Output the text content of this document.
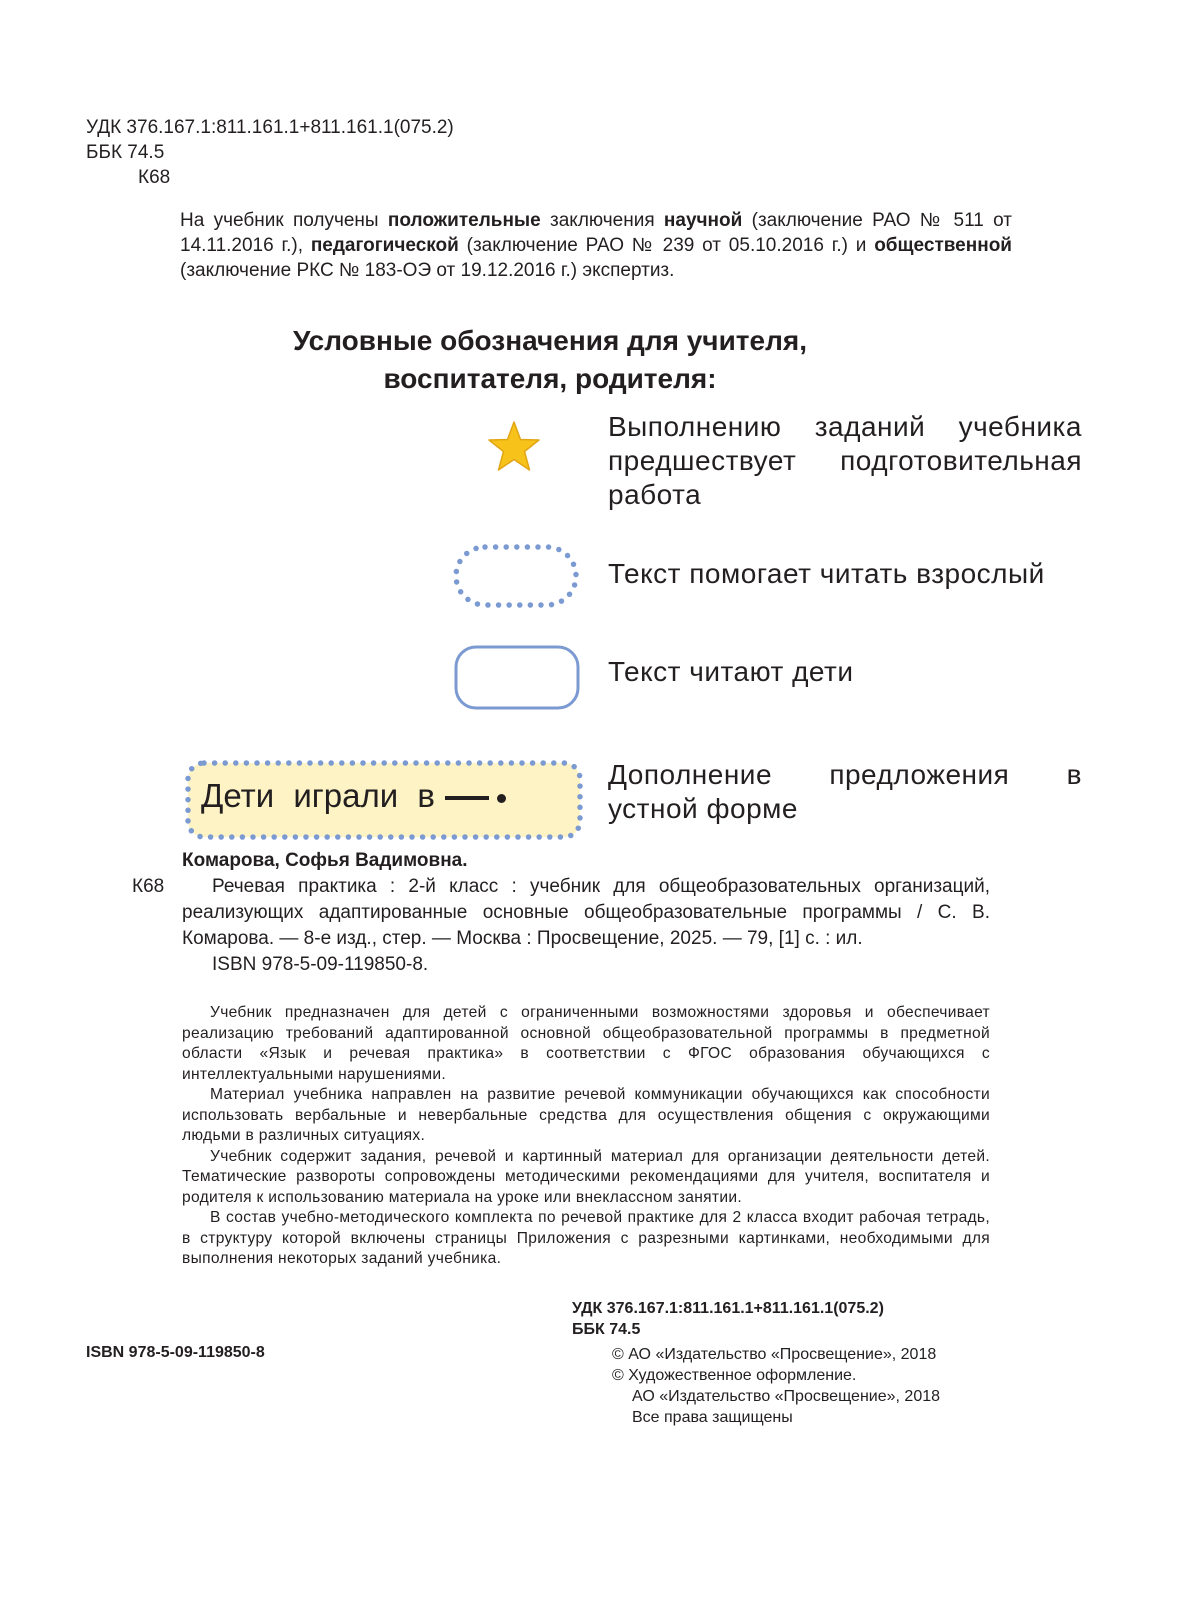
УДК 376.167.1:811.161.1+811.161.1(075.2)
ББК 74.5
К68
На учебник получены положительные заключения научной (заключение РАО № 511 от 14.11.2016 г.), педагогической (заключение РАО № 239 от 05.10.2016 г.) и общественной (заключение РКС № 183-ОЭ от 19.12.2016 г.) экспертиз.
Условные обозначения для учителя,
воспитателя, родителя:
Выполнению заданий учебника предшествует подготовительная работа
Текст помогает читать взрослый
Текст читают дети
Дети играли в
Дополнение предложения в
устной форме
Комарова, Софья Вадимовна.
К68	Речевая практика : 2-й класс : учебник для общеобразовательных организаций, реализующих адаптированные основные общеобразовательные программы / С. В. Комарова. — 8-е изд., стер. — Москва : Просвещение, 2025. — 79, [1] с. : ил.
ISBN 978-5-09-119850-8.

Учебник предназначен для детей с ограниченными возможностями здоровья и обеспечивает реализацию требований адаптированной основной общеобразовательной программы в предметной области «Язык и речевая практика» в соответствии с ФГОС образования обучающихся с интеллектуальными нарушениями.

Материал учебника направлен на развитие речевой коммуникации обучающихся как способности использовать вербальные и невербальные средства для осуществления общения с окружающими людьми в различных ситуациях.

Учебник содержит задания, речевой и картинный материал для организации деятельности детей. Тематические развороты сопровождены методическими рекомендациями для учителя, воспитателя и родителя к использованию материала на уроке или внеклассном занятии.

В состав учебно-методического комплекта по речевой практике для 2 класса входит рабочая тетрадь, в структуру которой включены страницы Приложения с разрезными картинками, необходимыми для выполнения некоторых заданий учебника.

УДК 376.167.1:811.161.1+811.161.1(075.2)
ББК 74.5
ISBN 978-5-09-119850-8	© АО «Издательство «Просвещение», 2018
© Художественное оформление.
АО «Издательство «Просвещение», 2018
Все права защищены
